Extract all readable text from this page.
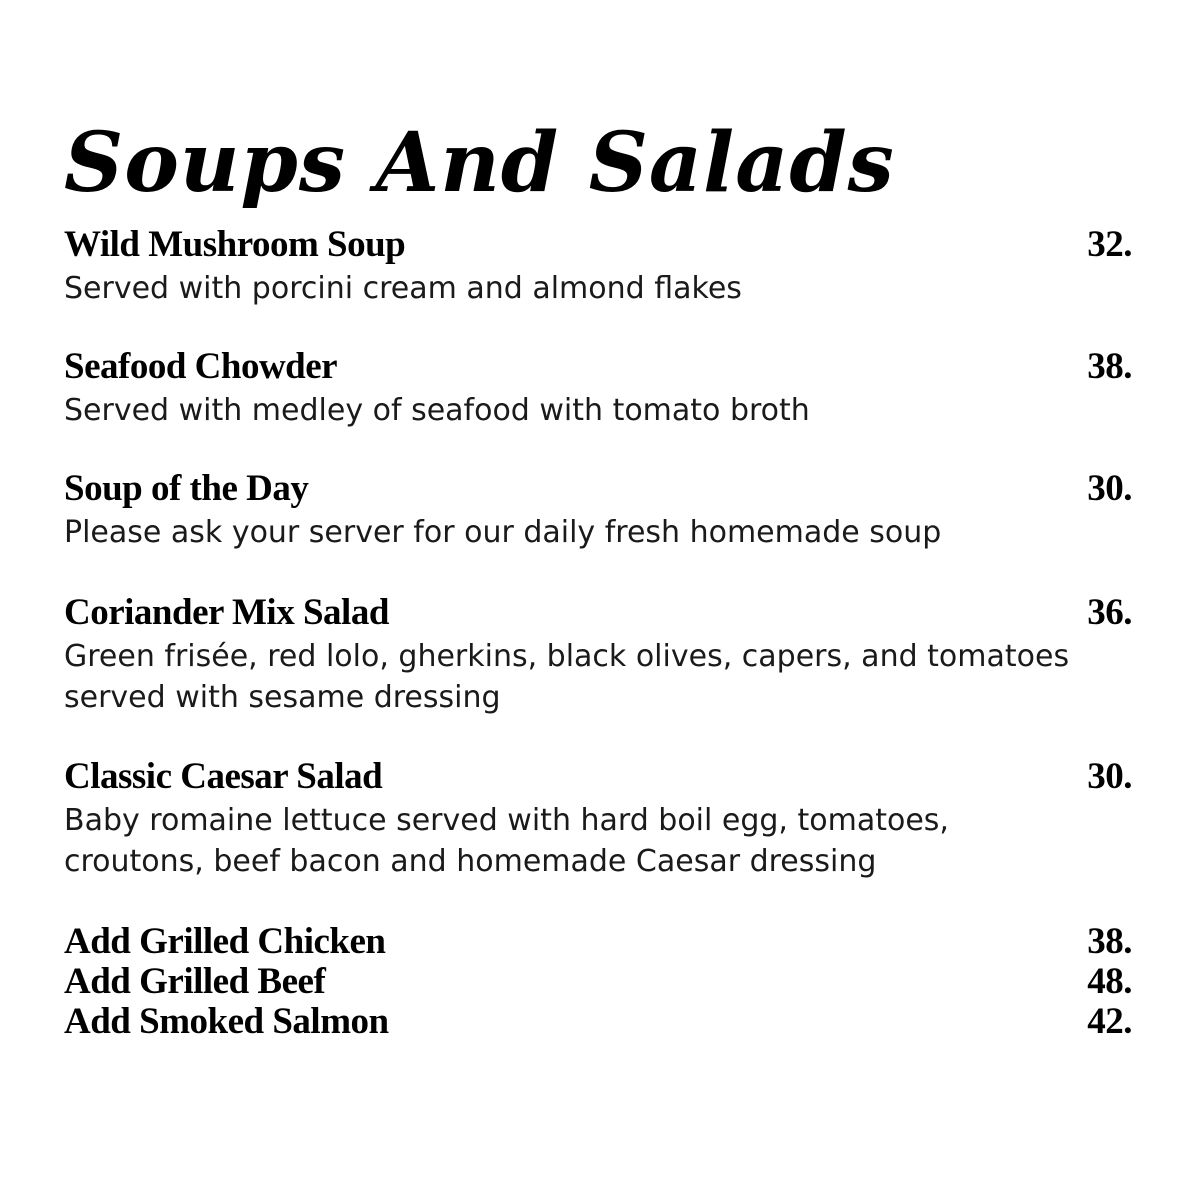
Soups And Salads
Wild Mushroom Soup	32.
Served with porcini cream and almond flakes
Seafood Chowder	38.
Served with medley of seafood with tomato broth
Soup of the Day	30.
Please ask your server for our daily fresh homemade soup
Coriander Mix Salad	36.
Green frisée, red lolo, gherkins, black olives, capers, and tomatoes served with sesame dressing
Classic Caesar Salad	30.
Baby romaine lettuce served with hard boil egg, tomatoes, croutons, beef bacon and homemade Caesar dressing
Add Grilled Chicken	38.
Add Grilled Beef	48.
Add Smoked Salmon	42.
